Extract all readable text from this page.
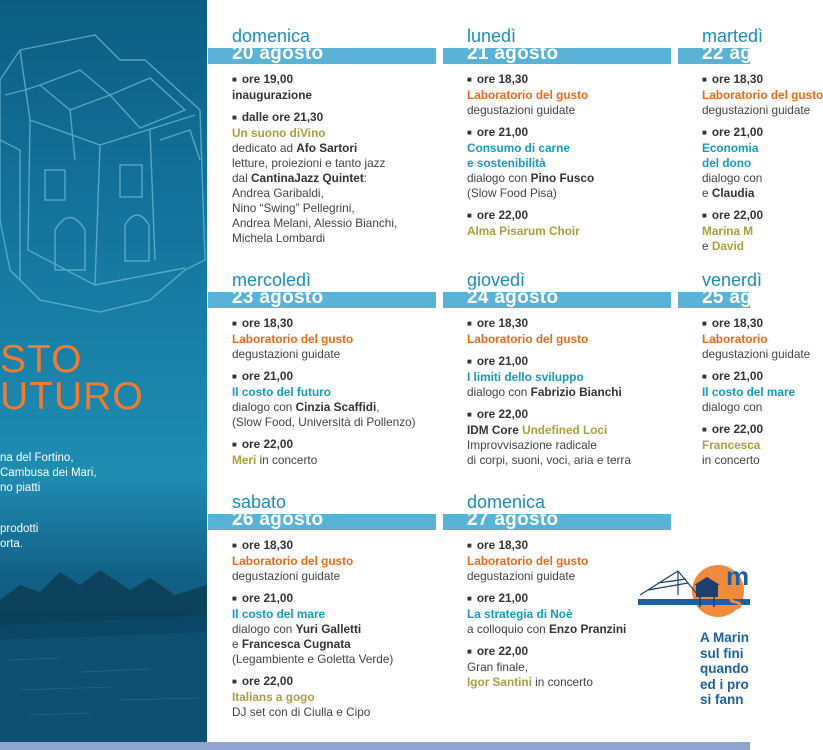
STO
UTURO
na del Fortino,
Cambusa dei Mari,
no piatti
prodotti
orta.
domenica
20 agosto
■ ore 19,00
inaugurazione
■ dalle ore 21,30
Un suono diVino
dedicato ad Afo Sartori
letture, proiezioni e tanto jazz
dal CantinaJazz Quintet:
Andrea Garibaldi,
Nino “Swing” Pellegrini,
Andrea Melani, Alessio Bianchi,
Michela Lombardi
lunedì
21 agosto
■ ore 18,30
Laboratorio del gusto
degustazioni guidate
■ ore 21,00
Consumo di carne
e sostenibilità
dialogo con Pino Fusco
(Slow Food Pisa)
■ ore 22,00
Alma Pisarum Choir
martedì
22 agosto
■ ore 18,30
Laboratorio del gusto
degustazioni guidate
■ ore 21,00
Economia
del dono
dialogo con
e Claudia
■ ore 22,00
Marina M
e David
mercoledì
23 agosto
■ ore 18,30
Laboratorio del gusto
degustazioni guidate
■ ore 21,00
Il costo del futuro
dialogo con Cinzia Scaffidi,
(Slow Food, Università di Pollenzo)
■ ore 22,00
Meri in concerto
giovedì
24 agosto
■ ore 18,30
Laboratorio del gusto
■ ore 21,00
I limiti dello sviluppo
dialogo con Fabrizio Bianchi
■ ore 22,00
IDM Core Undefined Loci
Improvvisazione radicale
di corpi, suoni, voci, aria e terra
venerdì
25 agosto
■ ore 18,30
Laboratorio
degustazioni guidate
■ ore 21,00
Il costo del mare
dialogo con
■ ore 22,00
Francesca
in concerto
sabato
26 agosto
■ ore 18,30
Laboratorio del gusto
degustazioni guidate
■ ore 21,00
Il costo del mare
dialogo con Yuri Galletti
e Francesca Cugnata
(Legambiente e Goletta Verde)
■ ore 22,00
Italians a gogo
DJ set con di Ciulla e Cipo
domenica
27 agosto
■ ore 18,30
Laboratorio del gusto
degustazioni guidate
■ ore 21,00
La strategia di Noè
a colloquio con Enzo Pranzini
■ ore 22,00
Gran finale,
Igor Santini in concerto
m
s
A Marin
sul fini
quando
ed i pro
si fann
